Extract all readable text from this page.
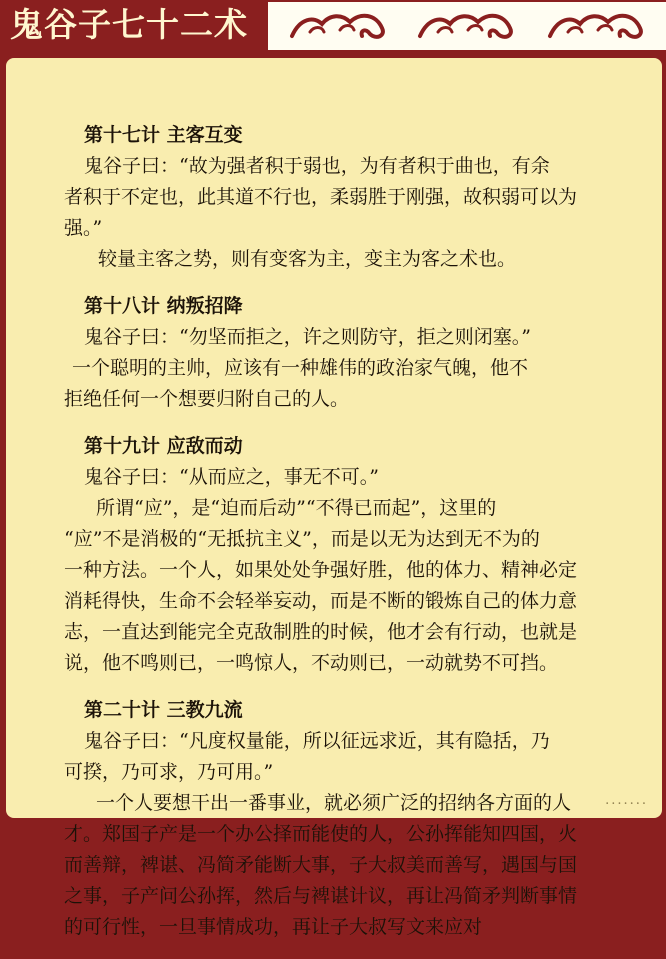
鬼谷子七十二术
第十七计 主客互变
鬼谷子曰：“故为强者积于弱也，为有者积于曲也，有余
者积于不定也，此其道不行也，柔弱胜于刚强，故积弱可以为
强。”
较量主客之势，则有变客为主，变主为客之术也。
第十八计 纳叛招降
鬼谷子曰：“勿坚而拒之，许之则防守，拒之则闭塞。”
一个聪明的主帅，应该有一种雄伟的政治家气魄，他不
拒绝任何一个想要归附自己的人。
第十九计 应敌而动
鬼谷子曰：“从而应之，事无不可。”
所谓“应”，是“迫而后动”“不得已而起”，这里的
“应”不是消极的“无抵抗主义”，而是以无为达到无不为的
一种方法。一个人，如果处处争强好胜，他的体力、精神必定
消耗得快，生命不会轻举妄动，而是不断的锻炼自己的体力意
志，一直达到能完全克敌制胜的时候，他才会有行动，也就是
说，他不鸣则已，一鸣惊人，不动则已，一动就势不可挡。
第二十计 三教九流
鬼谷子曰：“凡度权量能，所以征远求近，其有隐括，乃
可揆，乃可求，乃可用。”
一个人要想干出一番事业，就必须广泛的招纳各方面的人
才。郑国子产是一个办公择而能使的人，公孙挥能知四国，火
而善辩，裨谌、冯简矛能断大事，子大叔美而善写，遇国与国
之事，子产问公孙挥，然后与裨谌计议，再让冯简矛判断事情
的可行性，一旦事情成功，再让子大叔写文来应对
.......
